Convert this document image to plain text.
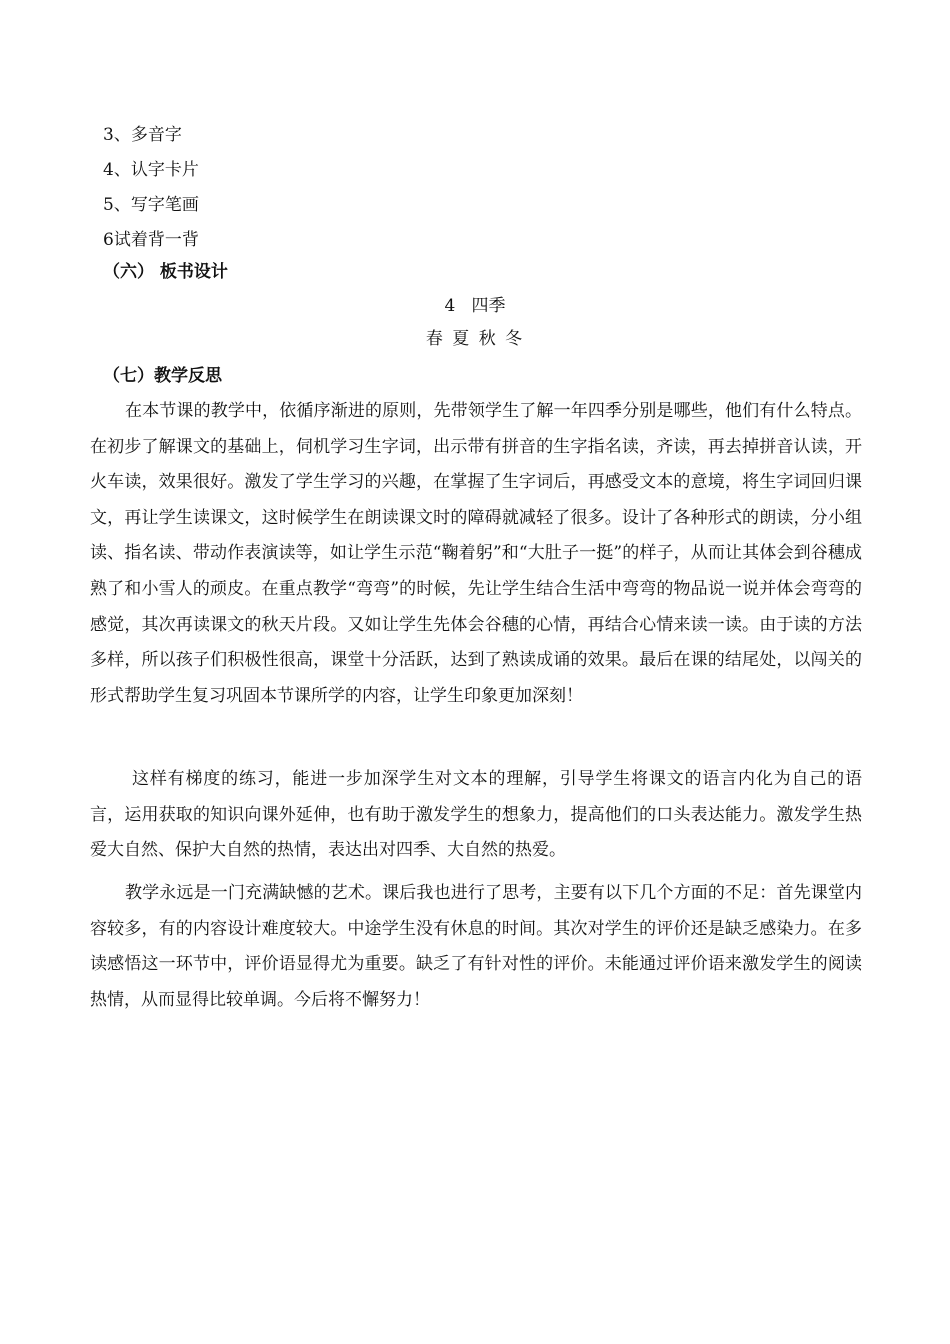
3、多音字
4、认字卡片
5、写字笔画
6试着背一背
（六） 板书设计
4   四季
春 夏 秋 冬
（七）教学反思

在本节课的教学中，依循序渐进的原则，先带领学生了解一年四季分别是哪些，他们有什么特点。在初步了解课文的基础上，伺机学习生字词，出示带有拼音的生字指名读，齐读，再去掉拼音认读，开火车读，效果很好。激发了学生学习的兴趣，在掌握了生字词后，再感受文本的意境，将生字词回归课文，再让学生读课文，这时候学生在朗读课文时的障碍就减轻了很多。设计了各种形式的朗读，分小组读、指名读、带动作表演读等，如让学生示范“鞠着躬”和“大肚子一挺”的样子，从而让其体会到谷穗成熟了和小雪人的顽皮。在重点教学“弯弯”的时候，先让学生结合生活中弯弯的物品说一说并体会弯弯的感觉，其次再读课文的秋天片段。又如让学生先体会谷穗的心情，再结合心情来读一读。由于读的方法多样，所以孩子们积极性很高，课堂十分活跃，达到了熟读成诵的效果。最后在课的结尾处，以闯关的形式帮助学生复习巩固本节课所学的内容，让学生印象更加深刻！

这样有梯度的练习，能进一步加深学生对文本的理解，引导学生将课文的语言内化为自己的语言，运用获取的知识向课外延伸，也有助于激发学生的想象力，提高他们的口头表达能力。激发学生热爱大自然、保护大自然的热情，表达出对四季、大自然的热爱。

教学永远是一门充满缺憾的艺术。课后我也进行了思考，主要有以下几个方面的不足：首先课堂内容较多，有的内容设计难度较大。中途学生没有休息的时间。其次对学生的评价还是缺乏感染力。在多读感悟这一环节中，评价语显得尤为重要。缺乏了有针对性的评价。未能通过评价语来激发学生的阅读热情，从而显得比较单调。今后将不懈努力！
